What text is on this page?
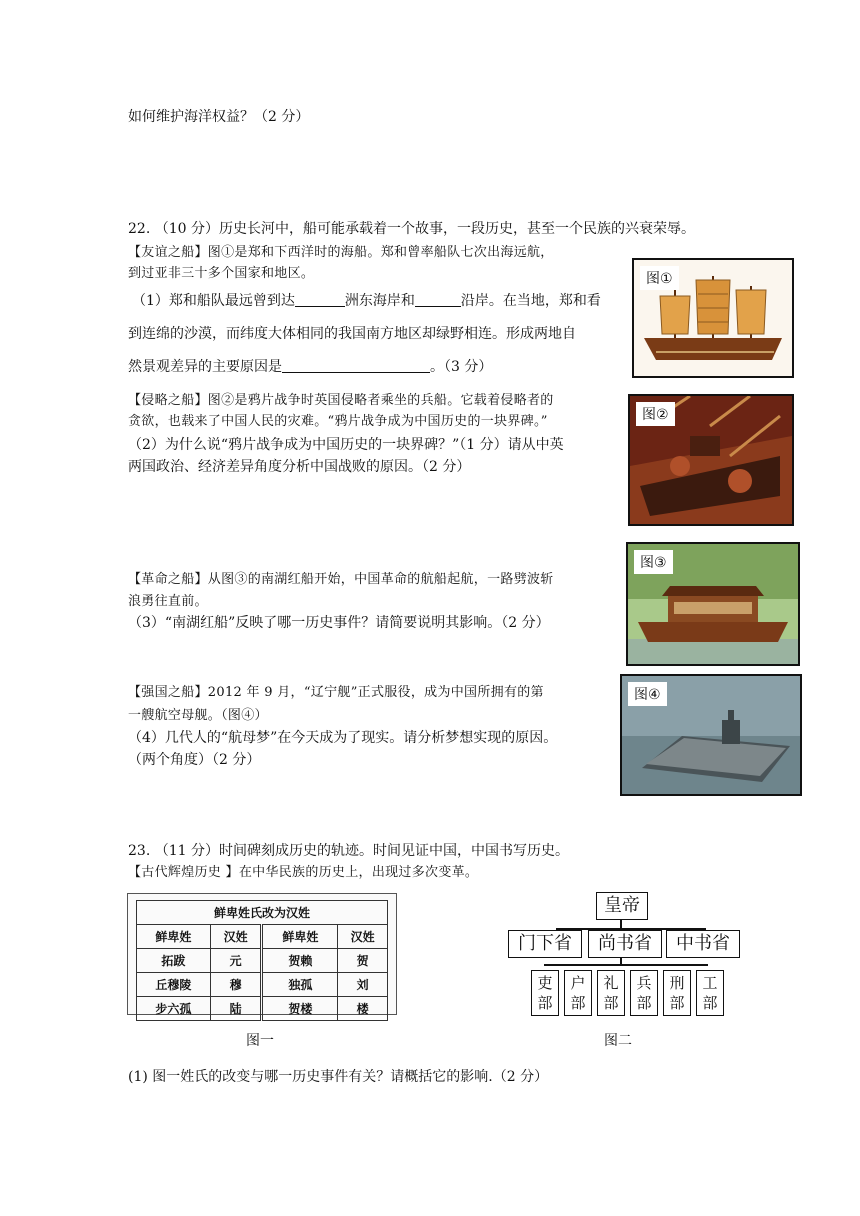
如何维护海洋权益？（2 分）
22. （10 分）历史长河中，船可能承载着一个故事，一段历史，甚至一个民族的兴衰荣辱。
【友谊之船】图①是郑和下西洋时的海船。郑和曾率船队七次出海远航，
到过亚非三十多个国家和地区。
（1）郑和船队最远曾到达	洲东海岸和	沿岸。在当地，郑和看
到连绵的沙漠，而纬度大体相同的我国南方地区却绿野相连。形成两地自
然景观差异的主要原因是	。（3 分）
图①
【侵略之船】图②是鸦片战争时英国侵略者乘坐的兵船。它载着侵略者的
贪欲，也载来了中国人民的灾难。“鸦片战争成为中国历史的一块界碑。”
（2）为什么说“鸦片战争成为中国历史的一块界碑？”（1 分）请从中英
两国政治、经济差异角度分析中国战败的原因。（2 分）
图②
图③
【革命之船】从图③的南湖红船开始，中国革命的航船起航，一路劈波斩
浪勇往直前。
（3）“南湖红船”反映了哪一历史事件？请简要说明其影响。（2 分）
【强国之船】2012 年 9 月，“辽宁舰”正式服役，成为中国所拥有的第
一艘航空母舰。（图④）
（4）几代人的“航母梦”在今天成为了现实。请分析梦想实现的原因。
（两个角度）（2 分）
图④
23. （11 分）时间碑刻成历史的轨迹。时间见证中国，中国书写历史。
【古代辉煌历史 】在中华民族的历史上，出现过多次变革。
鲜卑姓氏改为汉姓			
鲜卑姓	汉姓	鲜卑姓	汉姓
拓跋	元	贺赖	贺
丘穆陵	穆	独孤	刘
步六孤	陆	贺楼	楼
皇帝
门下省	尚书省	中书省
吏部
户部
礼部
兵部
刑部
工部
图一	图二
(1) 图一姓氏的改变与哪一历史事件有关？请概括它的影响.（2 分）
